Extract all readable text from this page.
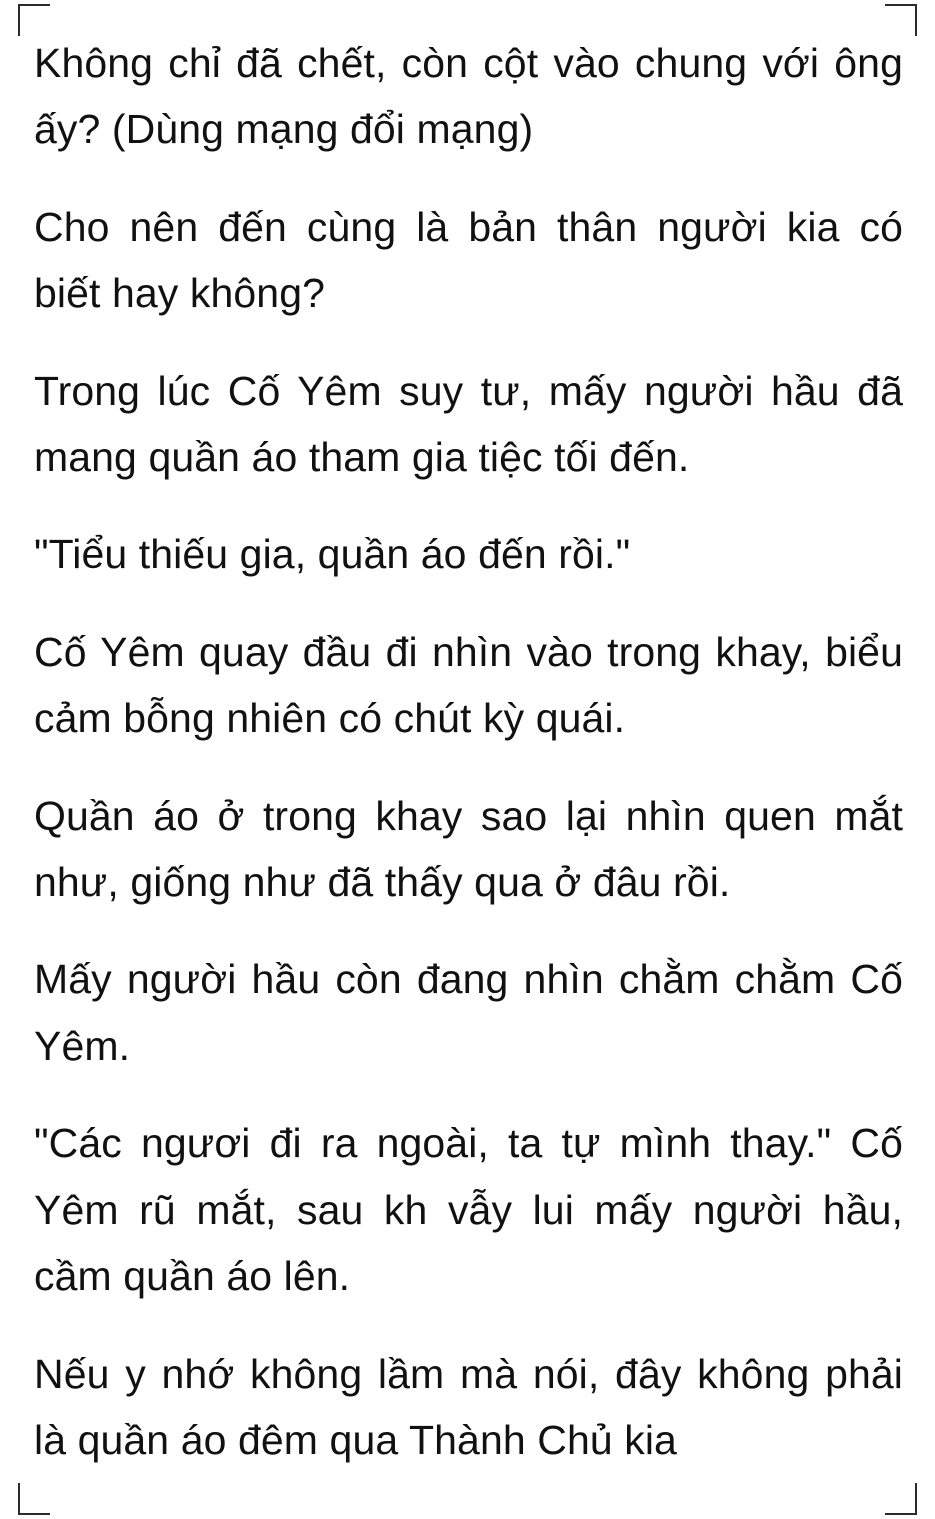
Không chỉ đã chết, còn cột vào chung với ông ấy? (Dùng mạng đổi mạng)

Cho nên đến cùng là bản thân người kia có biết hay không?

Trong lúc Cố Yêm suy tư, mấy người hầu đã mang quần áo tham gia tiệc tối đến.

"Tiểu thiếu gia, quần áo đến rồi."

Cố Yêm quay đầu đi nhìn vào trong khay, biểu cảm bỗng nhiên có chút kỳ quái.

Quần áo ở trong khay sao lại nhìn quen mắt như, giống như đã thấy qua ở đâu rồi.

Mấy người hầu còn đang nhìn chằm chằm Cố Yêm.

"Các ngươi đi ra ngoài, ta tự mình thay." Cố Yêm rũ mắt, sau kh vẫy lui mấy người hầu, cầm quần áo lên.

Nếu y nhớ không lầm mà nói, đây không phải là quần áo đêm qua Thành Chủ kia
